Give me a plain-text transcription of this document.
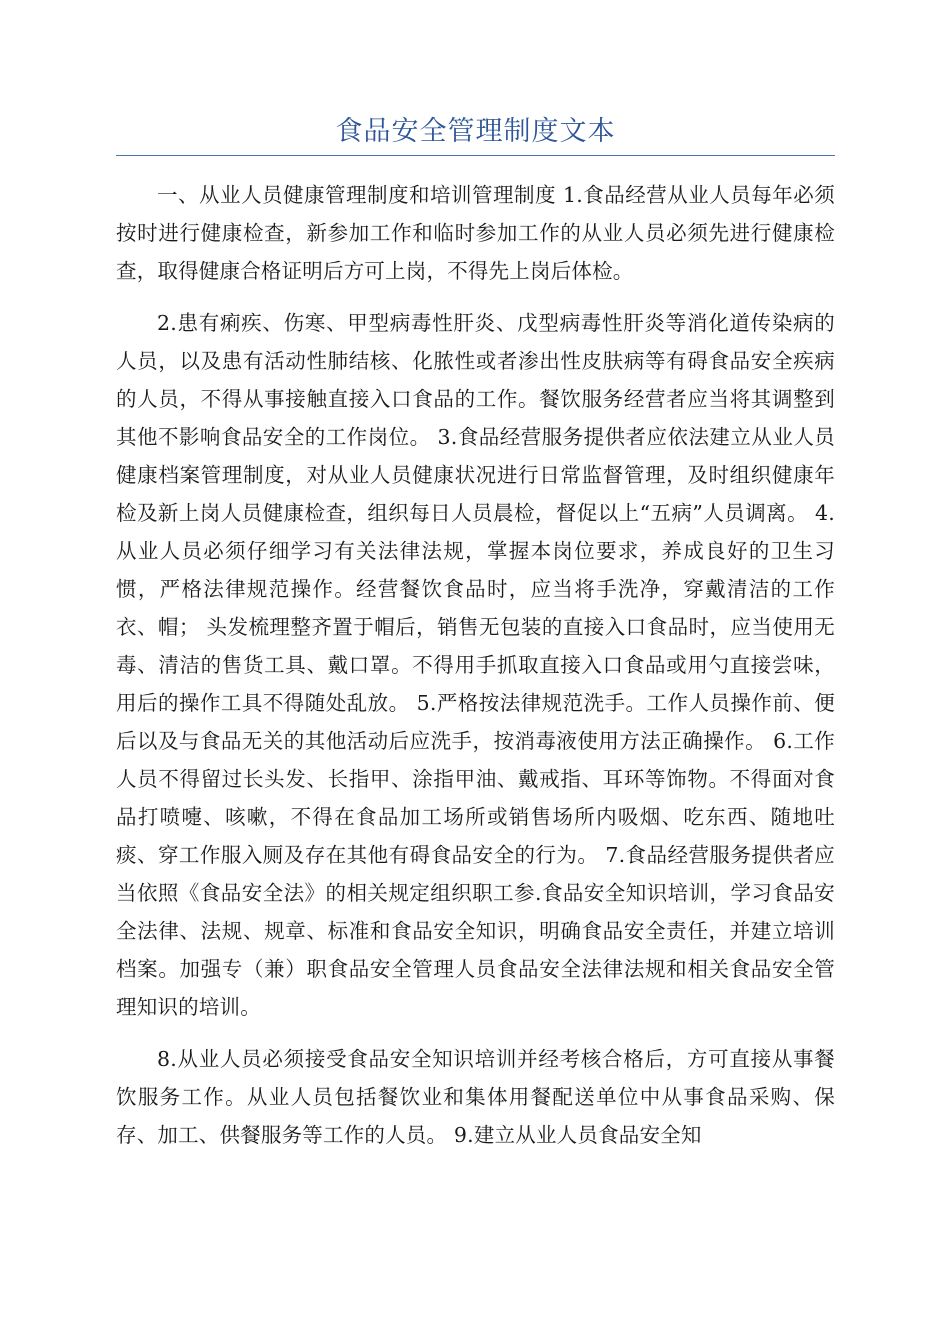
食品安全管理制度文本

一、从业人员健康管理制度和培训管理制度 1.食品经营从业人员每年必须按时进行健康检查，新参加工作和临时参加工作的从业人员必须先进行健康检查，取得健康合格证明后方可上岗，不得先上岗后体检。

2.患有痢疾、伤寒、甲型病毒性肝炎、戊型病毒性肝炎等消化道传染病的人员，以及患有活动性肺结核、化脓性或者渗出性皮肤病等有碍食品安全疾病的人员，不得从事接触直接入口食品的工作。餐饮服务经营者应当将其调整到其他不影响食品安全的工作岗位。 3.食品经营服务提供者应依法建立从业人员健康档案管理制度，对从业人员健康状况进行日常监督管理，及时组织健康年检及新上岗人员健康检查，组织每日人员晨检，督促以上“五病”人员调离。 4.从业人员必须仔细学习有关法律法规，掌握本岗位要求，养成良好的卫生习惯，严格法律规范操作。经营餐饮食品时，应当将手洗净，穿戴清洁的工作衣、帽； 头发梳理整齐置于帽后，销售无包装的直接入口食品时，应当使用无毒、清洁的售货工具、戴口罩。不得用手抓取直接入口食品或用勺直接尝味，用后的操作工具不得随处乱放。 5.严格按法律规范洗手。工作人员操作前、便后以及与食品无关的其他活动后应洗手，按消毒液使用方法正确操作。 6.工作人员不得留过长头发、长指甲、涂指甲油、戴戒指、耳环等饰物。不得面对食品打喷嚏、咳嗽，不得在食品加工场所或销售场所内吸烟、吃东西、随地吐痰、穿工作服入厕及存在其他有碍食品安全的行为。 7.食品经营服务提供者应当依照《食品安全法》的相关规定组织职工参.食品安全知识培训，学习食品安全法律、法规、规章、标准和食品安全知识，明确食品安全责任，并建立培训档案。加强专（兼）职食品安全管理人员食品安全法律法规和相关食品安全管理知识的培训。

8.从业人员必须接受食品安全知识培训并经考核合格后，方可直接从事餐饮服务工作。从业人员包括餐饮业和集体用餐配送单位中从事食品采购、保存、加工、供餐服务等工作的人员。 9.建立从业人员食品安全知
